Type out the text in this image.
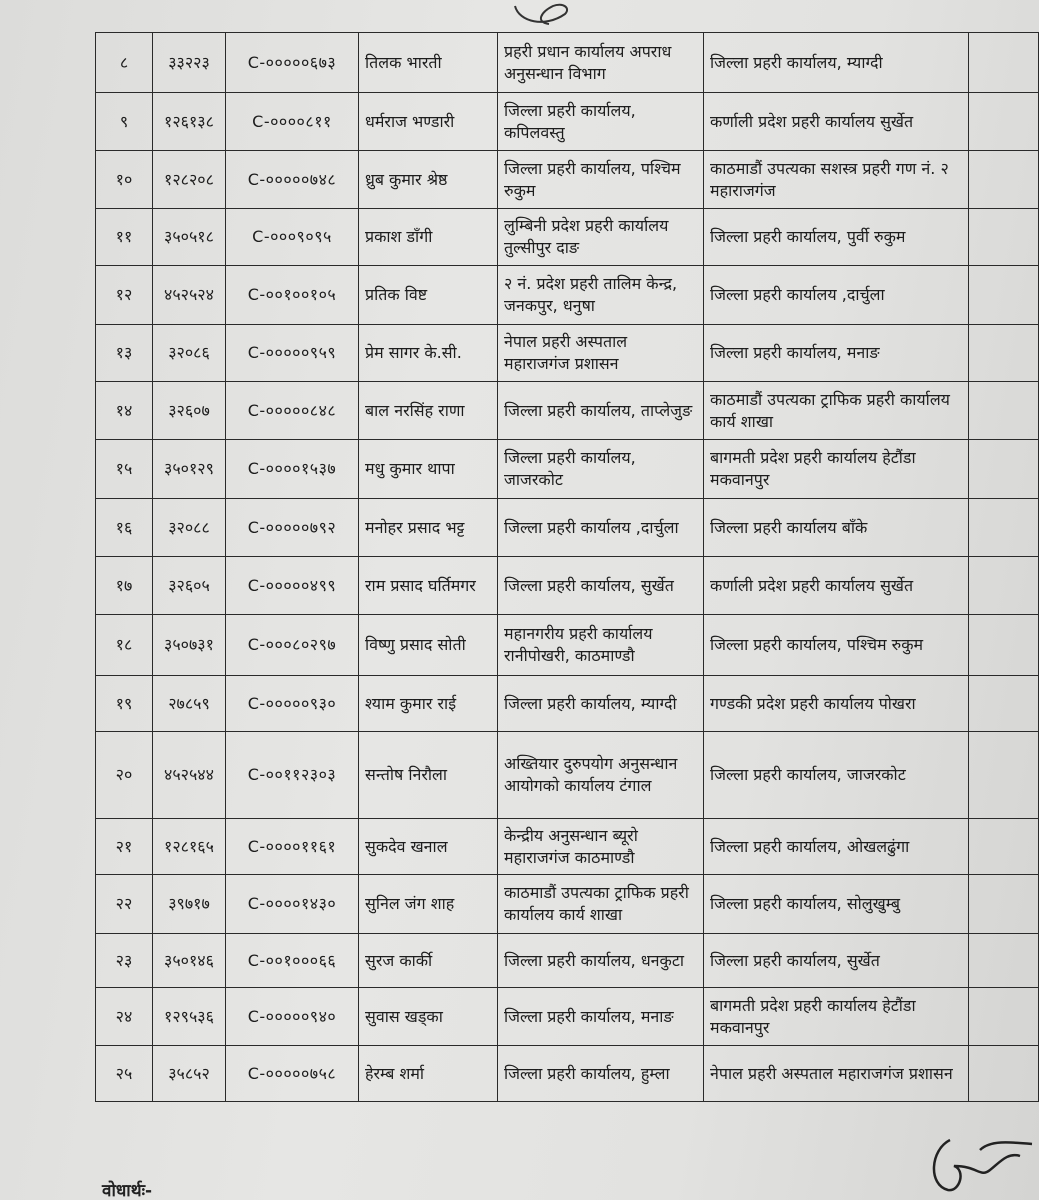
८	३३२२३	C-०००००६७३	तिलक भारती	प्रहरी प्रधान कार्यालय अपराध अनुसन्धान विभाग	जिल्ला प्रहरी कार्यालय, म्याग्दी	
९	१२६१३८	C-००००८११	धर्मराज भण्डारी	जिल्ला प्रहरी कार्यालय, कपिलवस्तु	कर्णाली प्रदेश प्रहरी कार्यालय सुर्खेत	
१०	१२८२०८	C-०००००७४८	ध्रुब कुमार श्रेष्ठ	जिल्ला प्रहरी कार्यालय, पश्चिम रुकुम	काठमाडौं उपत्यका सशस्त्र प्रहरी गण नं. २ महाराजगंज	
११	३५०५१८	C-०००९०९५	प्रकाश डाँगी	लुम्बिनी प्रदेश प्रहरी कार्यालय तुल्सीपुर दाङ	जिल्ला प्रहरी कार्यालय, पुर्वी रुकुम	
१२	४५२५२४	C-००१००१०५	प्रतिक विष्ट	२ नं. प्रदेश प्रहरी तालिम केन्द्र, जनकपुर, धनुषा	जिल्ला प्रहरी कार्यालय ,दार्चुला	
१३	३२०८६	C-०००००९५९	प्रेम सागर के.सी.	नेपाल प्रहरी अस्पताल महाराजगंज प्रशासन	जिल्ला प्रहरी कार्यालय, मनाङ	
१४	३२६०७	C-०००००८४८	बाल नरसिंह राणा	जिल्ला प्रहरी कार्यालय, ताप्लेजुङ	काठमाडौं उपत्यका ट्राफिक प्रहरी कार्यालय कार्य शाखा	
१५	३५०१२९	C-००००१५३७	मधु कुमार थापा	जिल्ला प्रहरी कार्यालय, जाजरकोट	बागमती प्रदेश प्रहरी कार्यालय हेटौंडा मकवानपुर	
१६	३२०८८	C-०००००७९२	मनोहर प्रसाद भट्ट	जिल्ला प्रहरी कार्यालय ,दार्चुला	जिल्ला प्रहरी कार्यालय बाँके	
१७	३२६०५	C-०००००४९९	राम प्रसाद घर्तिमगर	जिल्ला प्रहरी कार्यालय, सुर्खेत	कर्णाली प्रदेश प्रहरी कार्यालय सुर्खेत	
१८	३५०७३१	C-०००८०२९७	विष्णु प्रसाद सोती	महानगरीय प्रहरी कार्यालय रानीपोखरी, काठमाण्डौ	जिल्ला प्रहरी कार्यालय, पश्चिम रुकुम	
१९	२७८५९	C-०००००९३०	श्याम कुमार राई	जिल्ला प्रहरी कार्यालय, म्याग्दी	गण्डकी प्रदेश प्रहरी कार्यालय पोखरा	
२०	४५२५४४	C-००११२३०३	सन्तोष निरौला	अख्तियार दुरुपयोग अनुसन्धान आयोगको कार्यालय टंगाल	जिल्ला प्रहरी कार्यालय, जाजरकोट	
२१	१२८१६५	C-००००११६१	सुकदेव खनाल	केन्द्रीय अनुसन्धान ब्यूरो महाराजगंज काठमाण्डौ	जिल्ला प्रहरी कार्यालय, ओखलढुंगा	
२२	३९७१७	C-००००१४३०	सुनिल जंग शाह	काठमाडौं उपत्यका ट्राफिक प्रहरी कार्यालय कार्य शाखा	जिल्ला प्रहरी कार्यालय, सोलुखुम्बु	
२३	३५०१४६	C-००१०००६६	सुरज कार्की	जिल्ला प्रहरी कार्यालय, धनकुटा	जिल्ला प्रहरी कार्यालय, सुर्खेत	
२४	१२९५३६	C-०००००९४०	सुवास खड्का	जिल्ला प्रहरी कार्यालय, मनाङ	बागमती प्रदेश प्रहरी कार्यालय हेटौंडा मकवानपुर	
२५	३५८५२	C-०००००७५८	हेरम्ब शर्मा	जिल्ला प्रहरी कार्यालय, हुम्ला	नेपाल प्रहरी अस्पताल महाराजगंज प्रशासन	
वोधार्थः-
